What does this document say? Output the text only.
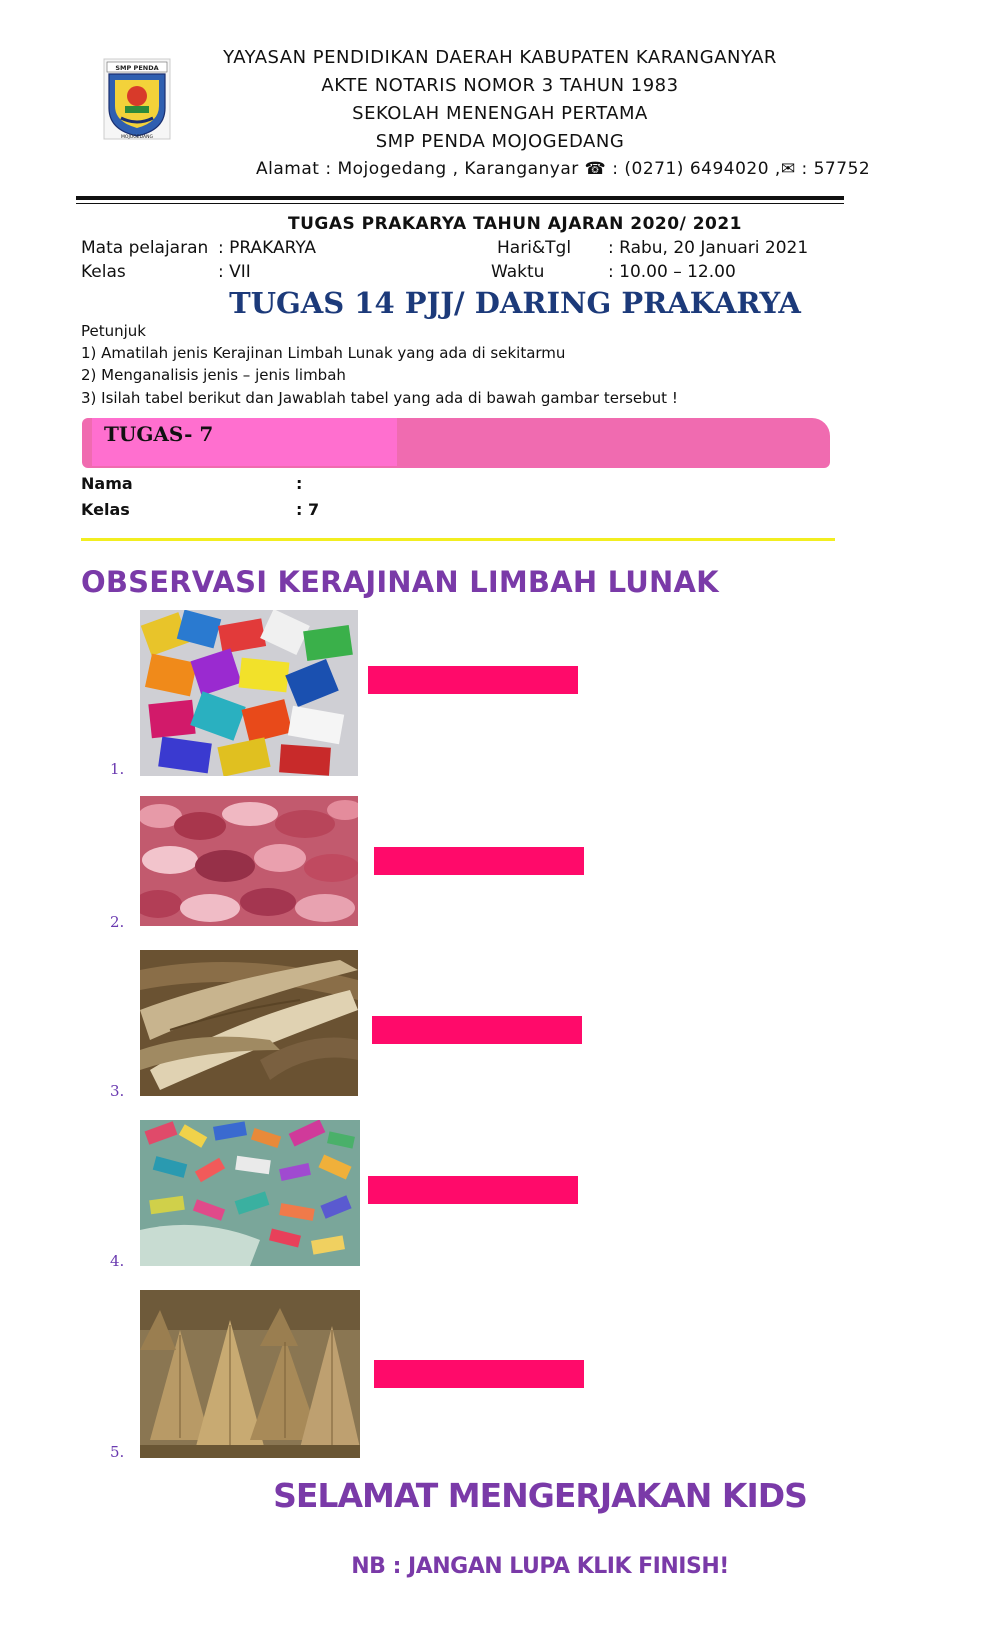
SMP PENDA
MOJOGEDANG
YAYASAN PENDIDIKAN DAERAH KABUPATEN KARANGANYAR
AKTE NOTARIS NOMOR 3 TAHUN 1983
SEKOLAH MENENGAH PERTAMA
SMP PENDA MOJOGEDANG
Alamat : Mojogedang , Karanganyar ☎ : (0271) 6494020 ,✉ : 57752
TUGAS PRAKARYA TAHUN AJARAN 2020/ 2021
Mata pelajaran : PRAKARYA
Kelas	: VII
Hari&Tgl : Rabu, 20 Januari 2021
Waktu	: 10.00 – 12.00
TUGAS 14 PJJ/ DARING PRAKARYA
Petunjuk
1) Amatilah jenis Kerajinan Limbah Lunak yang ada di sekitarmu
2) Menganalisis jenis – jenis limbah
3) Isilah tabel berikut dan Jawablah tabel yang ada di bawah gambar tersebut !
TUGAS- 7
Nama	:
Kelas	: 7
OBSERVASI KERAJINAN LIMBAH LUNAK
1.
2.
3.
4.
5.
SELAMAT MENGERJAKAN KIDS
NB : JANGAN LUPA KLIK FINISH!
